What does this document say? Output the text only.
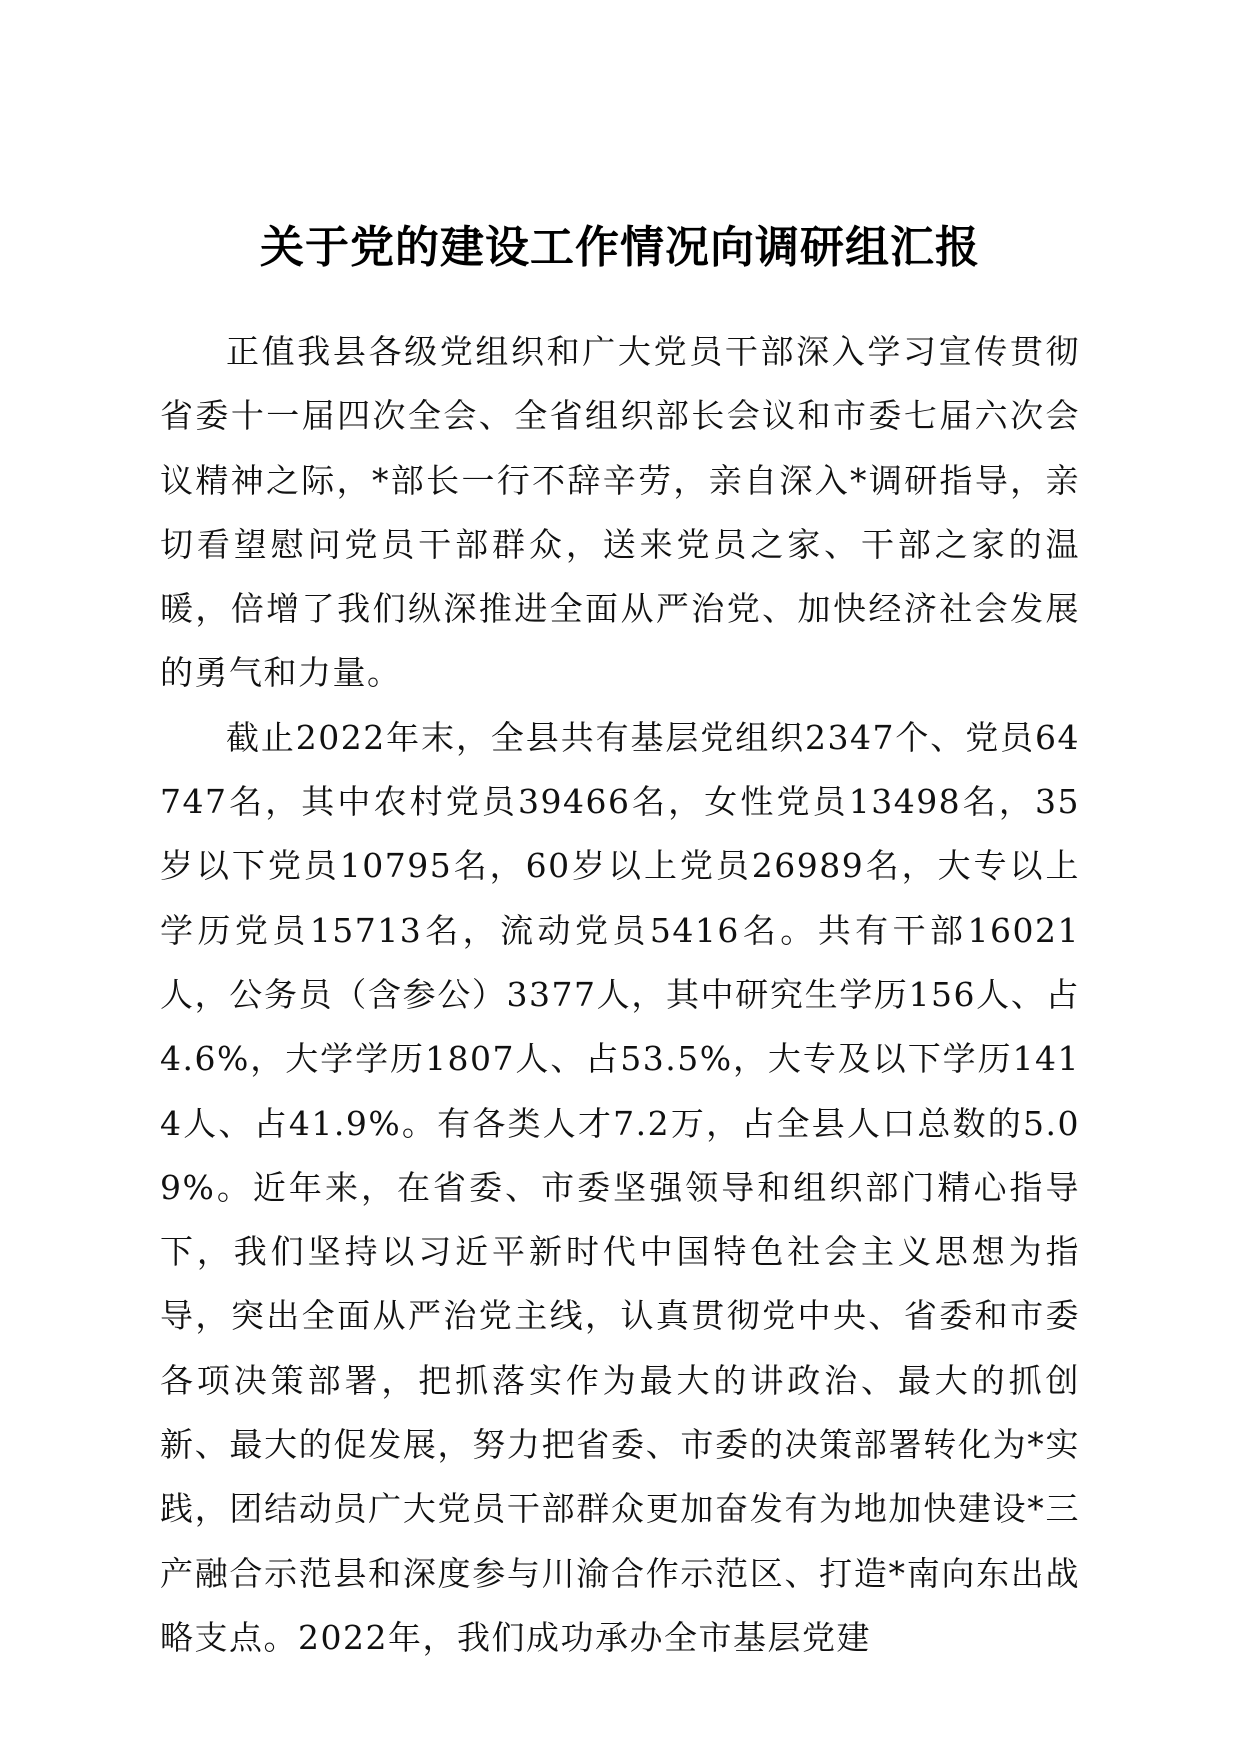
关于党的建设工作情况向调研组汇报

正值我县各级党组织和广大党员干部深入学习宣传贯彻省委十一届四次全会、全省组织部长会议和市委七届六次会议精神之际，*部长一行不辞辛劳，亲自深入*调研指导，亲切看望慰问党员干部群众，送来党员之家、干部之家的温暖，倍增了我们纵深推进全面从严治党、加快经济社会发展的勇气和力量。

截止2022年末，全县共有基层党组织2347个、党员64747名，其中农村党员39466名，女性党员13498名，35岁以下党员10795名，60岁以上党员26989名，大专以上学历党员15713名，流动党员5416名。共有干部16021人，公务员（含参公）3377人，其中研究生学历156人、占4.6%，大学学历1807人、占53.5%，大专及以下学历1414人、占41.9%。有各类人才7.2万，占全县人口总数的5.09%。近年来，在省委、市委坚强领导和组织部门精心指导下，我们坚持以习近平新时代中国特色社会主义思想为指导，突出全面从严治党主线，认真贯彻党中央、省委和市委各项决策部署，把抓落实作为最大的讲政治、最大的抓创新、最大的促发展，努力把省委、市委的决策部署转化为*实践，团结动员广大党员干部群众更加奋发有为地加快建设*三产融合示范县和深度参与川渝合作示范区、打造*南向东出战略支点。2022年，我们成功承办全市基层党建
